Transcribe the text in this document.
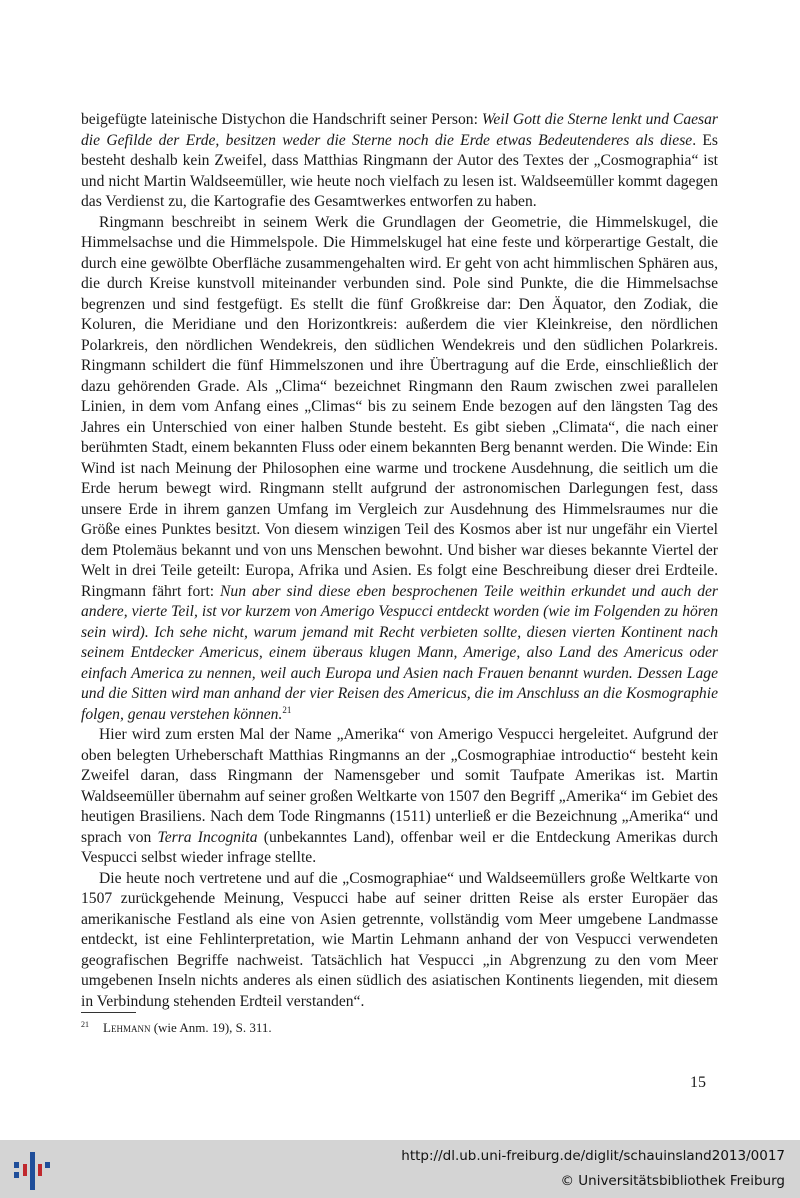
beigefügte lateinische Distychon die Handschrift seiner Person: Weil Gott die Sterne lenkt und Caesar die Gefilde der Erde, besitzen weder die Sterne noch die Erde etwas Bedeutenderes als diese. Es besteht deshalb kein Zweifel, dass Matthias Ringmann der Autor des Textes der „Cosmographia“ ist und nicht Martin Waldseemüller, wie heute noch vielfach zu lesen ist. Waldseemüller kommt dagegen das Verdienst zu, die Kartografie des Gesamtwerkes entworfen zu haben.

Ringmann beschreibt in seinem Werk die Grundlagen der Geometrie, die Himmelskugel, die Himmelsachse und die Himmelspole. Die Himmelskugel hat eine feste und körperartige Gestalt, die durch eine gewölbte Oberfläche zusammengehalten wird. Er geht von acht himmlischen Sphären aus, die durch Kreise kunstvoll miteinander verbunden sind. Pole sind Punkte, die die Himmelsachse begrenzen und sind festgefügt. Es stellt die fünf Großkreise dar: Den Äquator, den Zodiak, die Koluren, die Meridiane und den Horizontkreis: außerdem die vier Kleinkreise, den nördlichen Polarkreis, den nördlichen Wendekreis, den südlichen Wendekreis und den südlichen Polarkreis. Ringmann schildert die fünf Himmelszonen und ihre Übertragung auf die Erde, einschließlich der dazu gehörenden Grade. Als „Clima“ bezeichnet Ringmann den Raum zwischen zwei parallelen Linien, in dem vom Anfang eines „Climas“ bis zu seinem Ende bezogen auf den längsten Tag des Jahres ein Unterschied von einer halben Stunde besteht. Es gibt sieben „Climata“, die nach einer berühmten Stadt, einem bekannten Fluss oder einem bekannten Berg benannt werden. Die Winde: Ein Wind ist nach Meinung der Philosophen eine warme und trockene Ausdehnung, die seitlich um die Erde herum bewegt wird. Ringmann stellt aufgrund der astronomischen Darlegungen fest, dass unsere Erde in ihrem ganzen Umfang im Vergleich zur Ausdehnung des Himmelsraumes nur die Größe eines Punktes besitzt. Von diesem winzigen Teil des Kosmos aber ist nur ungefähr ein Viertel dem Ptolemäus bekannt und von uns Menschen bewohnt. Und bisher war dieses bekannte Viertel der Welt in drei Teile geteilt: Europa, Afrika und Asien. Es folgt eine Beschreibung dieser drei Erdteile. Ringmann fährt fort: Nun aber sind diese eben besprochenen Teile weithin erkundet und auch der andere, vierte Teil, ist vor kurzem von Amerigo Vespucci entdeckt worden (wie im Folgenden zu hören sein wird). Ich sehe nicht, warum jemand mit Recht verbieten sollte, diesen vierten Kontinent nach seinem Entdecker Americus, einem überaus klugen Mann, Amerige, also Land des Americus oder einfach America zu nennen, weil auch Europa und Asien nach Frauen benannt wurden. Dessen Lage und die Sitten wird man anhand der vier Reisen des Americus, die im Anschluss an die Kosmographie folgen, genau verstehen können.$^{21}$

Hier wird zum ersten Mal der Name „Amerika“ von Amerigo Vespucci hergeleitet. Aufgrund der oben belegten Urheberschaft Matthias Ringmanns an der „Cosmographiae introductio“ besteht kein Zweifel daran, dass Ringmann der Namensgeber und somit Taufpate Amerikas ist. Martin Waldseemüller übernahm auf seiner großen Weltkarte von 1507 den Begriff „Amerika“ im Gebiet des heutigen Brasiliens. Nach dem Tode Ringmanns (1511) unterließ er die Bezeichnung „Amerika“ und sprach von Terra Incognita (unbekanntes Land), offenbar weil er die Entdeckung Amerikas durch Vespucci selbst wieder infrage stellte.

Die heute noch vertretene und auf die „Cosmographiae“ und Waldseemüllers große Weltkarte von 1507 zurückgehende Meinung, Vespucci habe auf seiner dritten Reise als erster Europäer das amerikanische Festland als eine von Asien getrennte, vollständig vom Meer umgebene Landmasse entdeckt, ist eine Fehlinterpretation, wie Martin Lehmann anhand der von Vespucci verwendeten geografischen Begriffe nachweist. Tatsächlich hat Vespucci „in Abgrenzung zu den vom Meer umgebenen Inseln nichts anderes als einen südlich des asiatischen Kontinents liegenden, mit diesem in Verbindung stehenden Erdteil verstanden“.

$^{21}$ Lehmann (wie Anm. 19), S. 311.
15
http://dl.ub.uni-freiburg.de/diglit/schauinsland2013/0017
© Universitätsbibliothek Freiburg
